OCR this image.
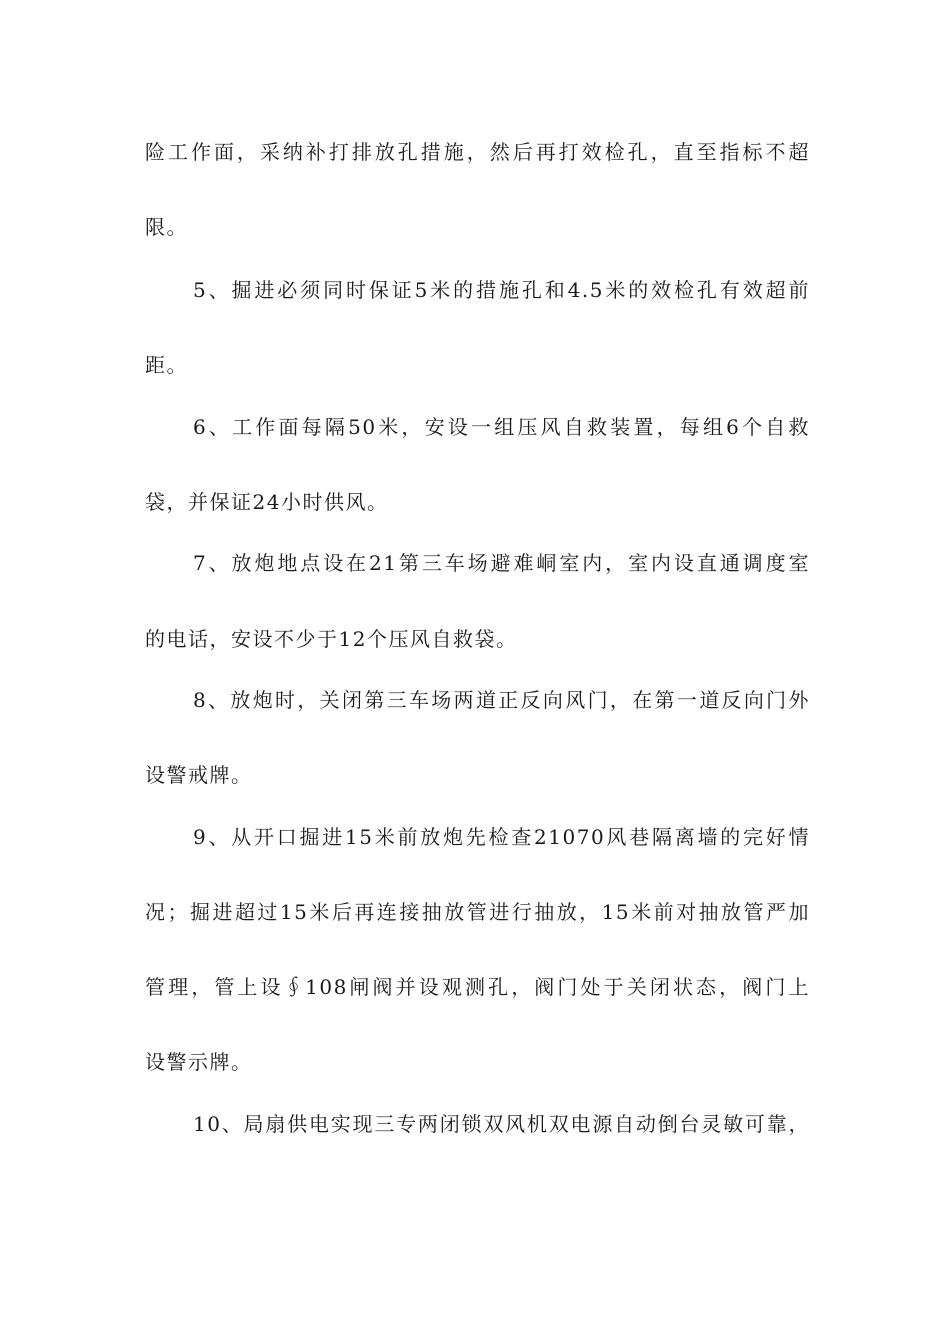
险工作面，采纳补打排放孔措施，然后再打效检孔，直至指标不超
限。
5、掘进必须同时保证5米的措施孔和4.5米的效检孔有效超前
距。
6、工作面每隔50米，安设一组压风自救装置，每组6个自救
袋，并保证24小时供风。
7、放炮地点设在21第三车场避难峒室内，室内设直通调度室
的电话，安设不少于12个压风自救袋。
8、放炮时，关闭第三车场两道正反向风门，在第一道反向门外
设警戒牌。
9、从开口掘进15米前放炮先检查21070风巷隔离墙的完好情
况；掘进超过15米后再连接抽放管进行抽放，15米前对抽放管严加
管理，管上设∮108闸阀并设观测孔，阀门处于关闭状态，阀门上
设警示牌。
10、局扇供电实现三专两闭锁双风机双电源自动倒台灵敏可靠，
